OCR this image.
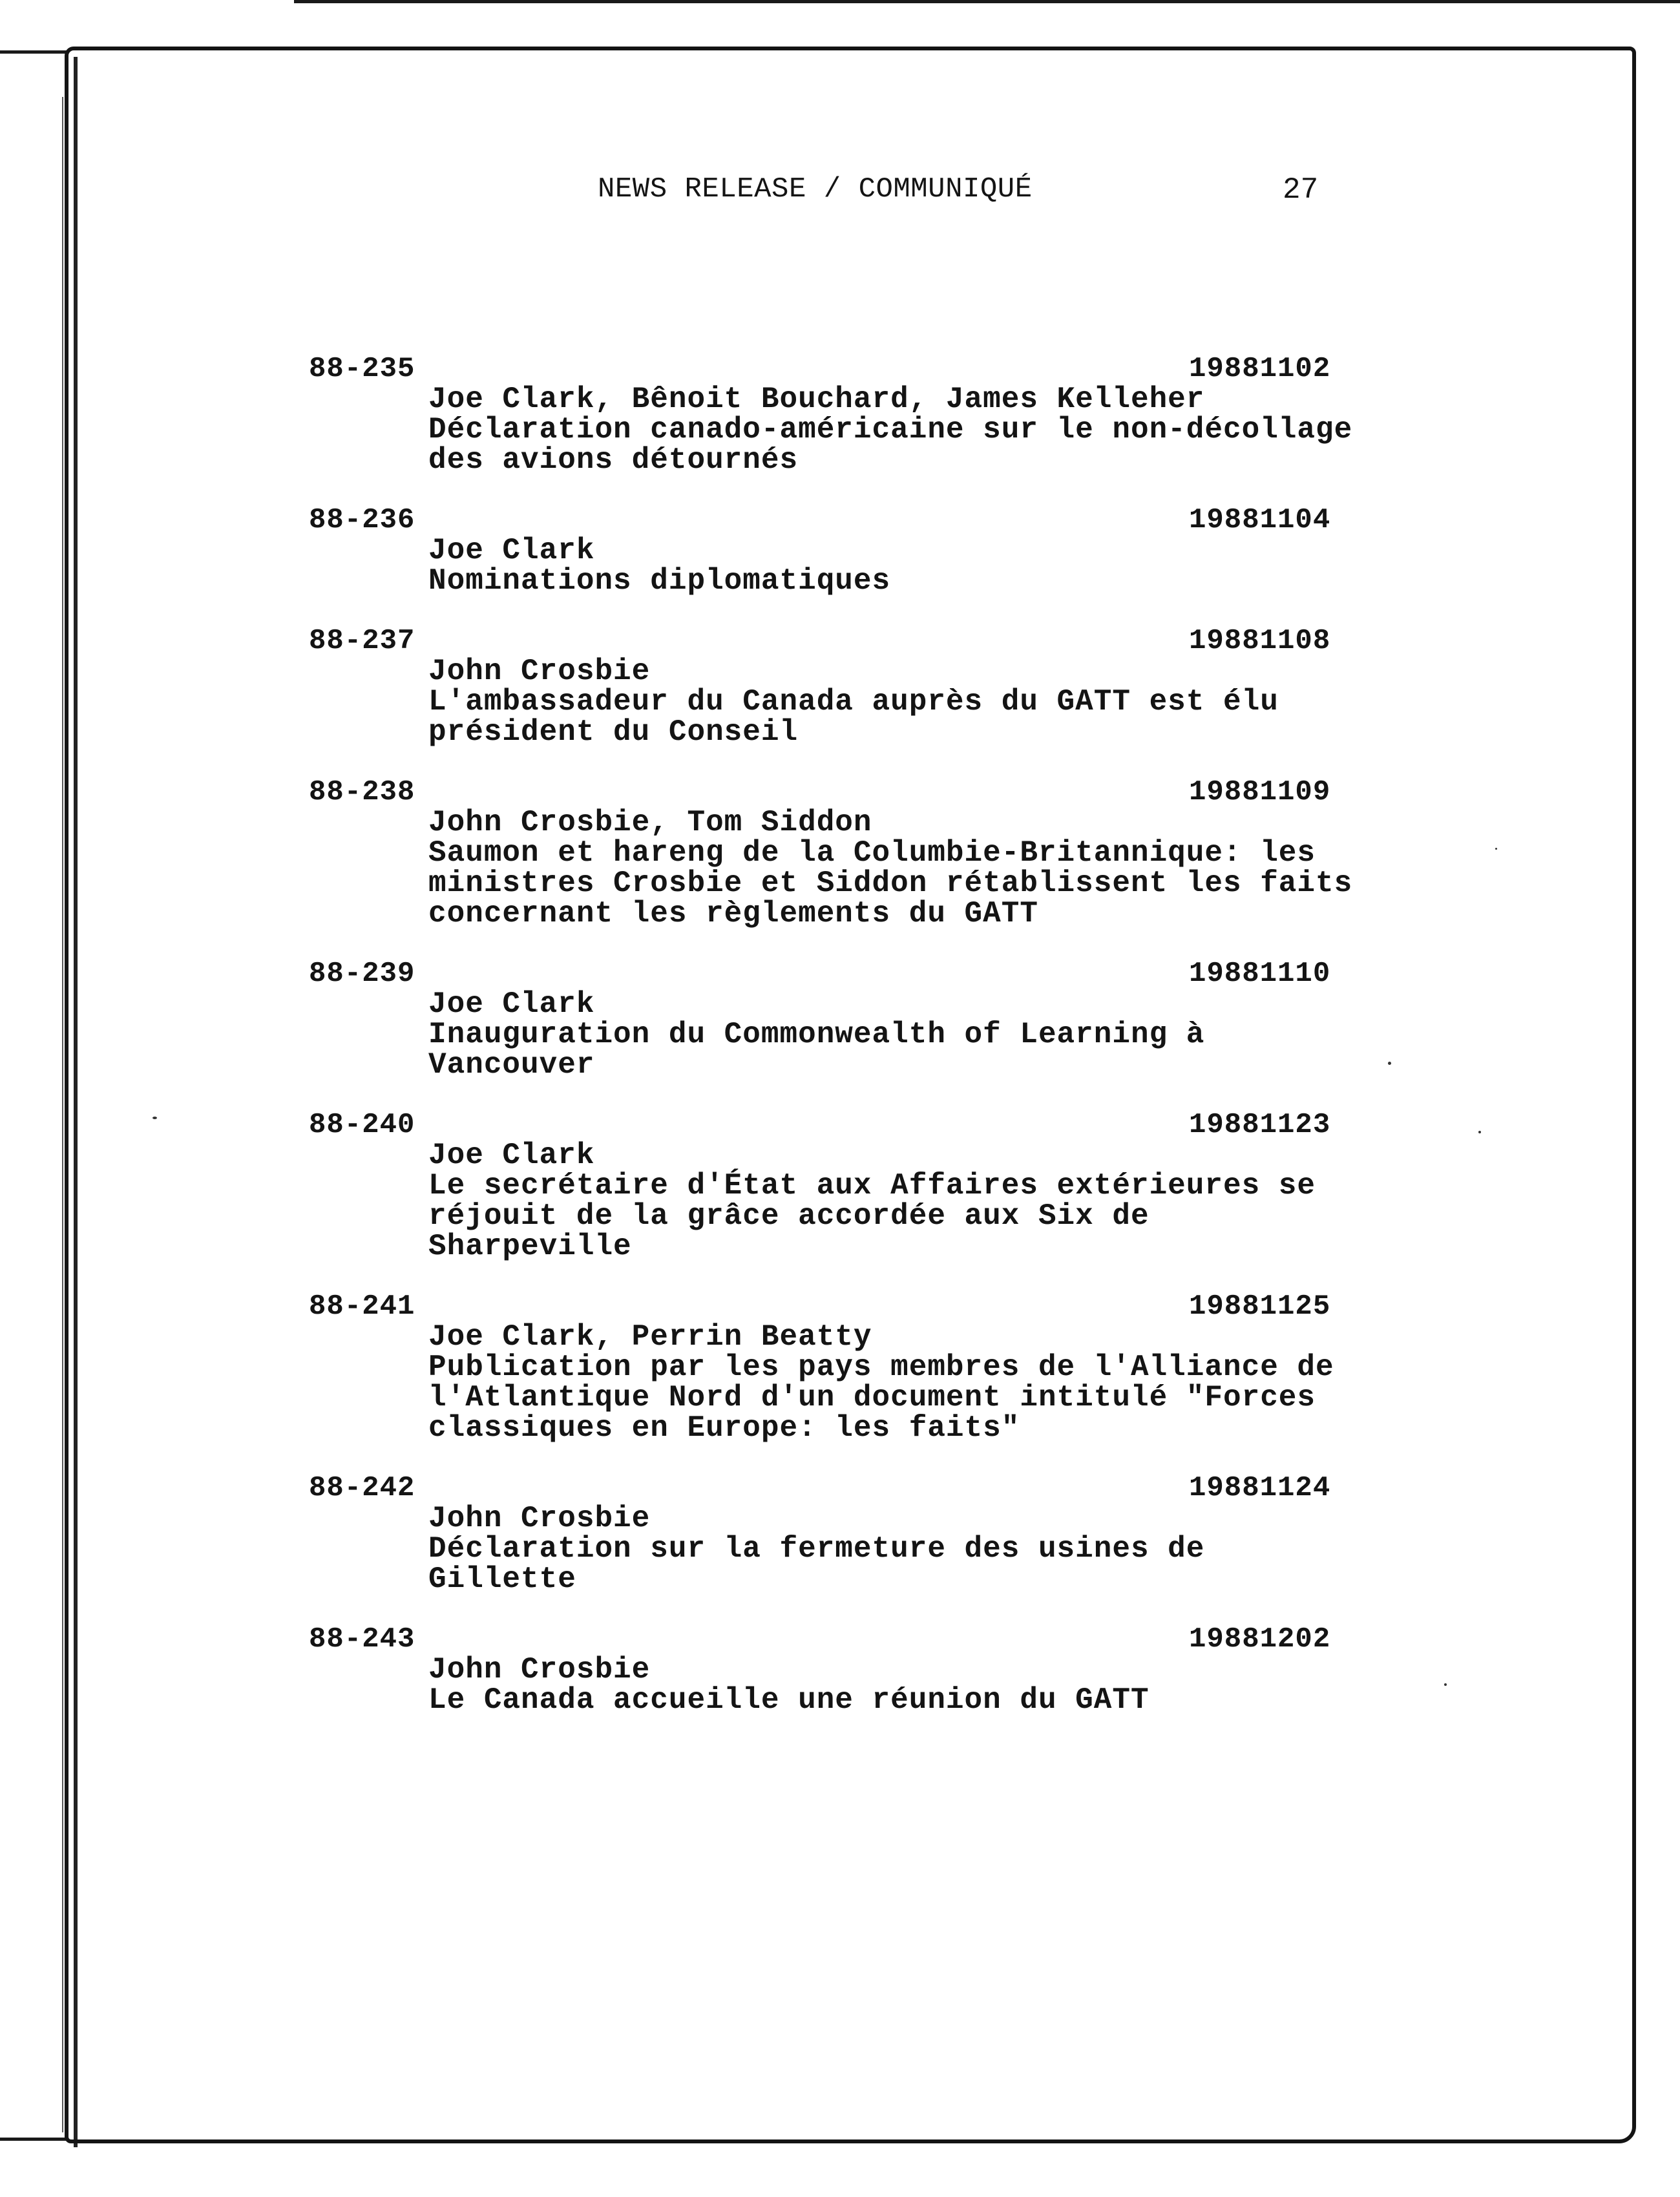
NEWS RELEASE / COMMUNIQUÉ	27
88-235	19881102
Joe Clark, Bênoit Bouchard, James Kelleher
Déclaration canado-américaine sur le non-décollage
des avions détournés
88-236	19881104
Joe Clark
Nominations diplomatiques
88-237	19881108
John Crosbie
L'ambassadeur du Canada auprès du GATT est élu
président du Conseil
88-238	19881109
John Crosbie, Tom Siddon
Saumon et hareng de la Columbie-Britannique: les
ministres Crosbie et Siddon rétablissent les faits
concernant les règlements du GATT
88-239	19881110
Joe Clark
Inauguration du Commonwealth of Learning à
Vancouver
88-240	19881123
Joe Clark
Le secrétaire d'État aux Affaires extérieures se
réjouit de la grâce accordée aux Six de
Sharpeville
88-241	19881125
Joe Clark, Perrin Beatty
Publication par les pays membres de l'Alliance de
l'Atlantique Nord d'un document intitulé "Forces
classiques en Europe: les faits"
88-242	19881124
John Crosbie
Déclaration sur la fermeture des usines de
Gillette
88-243	19881202
John Crosbie
Le Canada accueille une réunion du GATT
